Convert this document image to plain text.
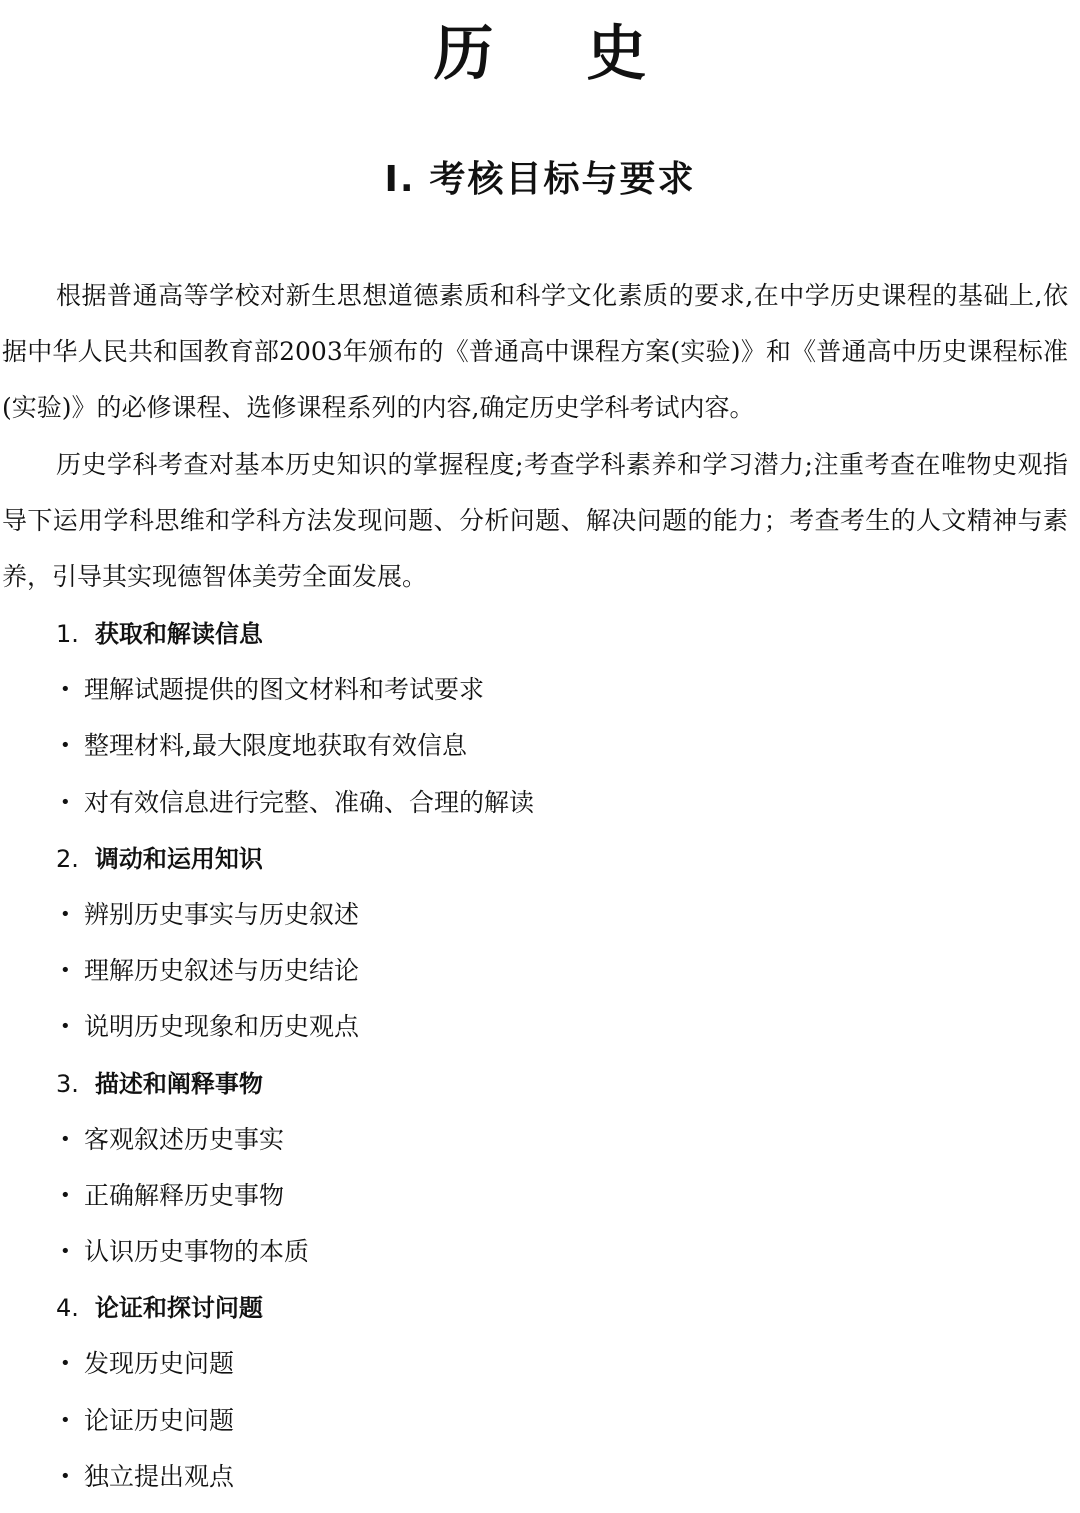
历 史
Ⅰ. 考核目标与要求

根据普通高等学校对新生思想道德素质和科学文化素质的要求,在中学历史课程的基础上,依据中华人民共和国教育部2003年颁布的《普通高中课程方案(实验)》和《普通高中历史课程标准(实验)》的必修课程、选修课程系列的内容,确定历史学科考试内容。

历史学科考查对基本历史知识的掌握程度;考查学科素养和学习潜力;注重考查在唯物史观指导下运用学科思维和学科方法发现问题、分析问题、解决问题的能力；考查考生的人文精神与素养，引导其实现德智体美劳全面发展。

1. 获取和解读信息
• 理解试题提供的图文材料和考试要求
• 整理材料,最大限度地获取有效信息
• 对有效信息进行完整、准确、合理的解读
2. 调动和运用知识
• 辨别历史事实与历史叙述
• 理解历史叙述与历史结论
• 说明历史现象和历史观点
3. 描述和阐释事物
• 客观叙述历史事实
• 正确解释历史事物
• 认识历史事物的本质
4. 论证和探讨问题
• 发现历史问题
• 论证历史问题
• 独立提出观点
